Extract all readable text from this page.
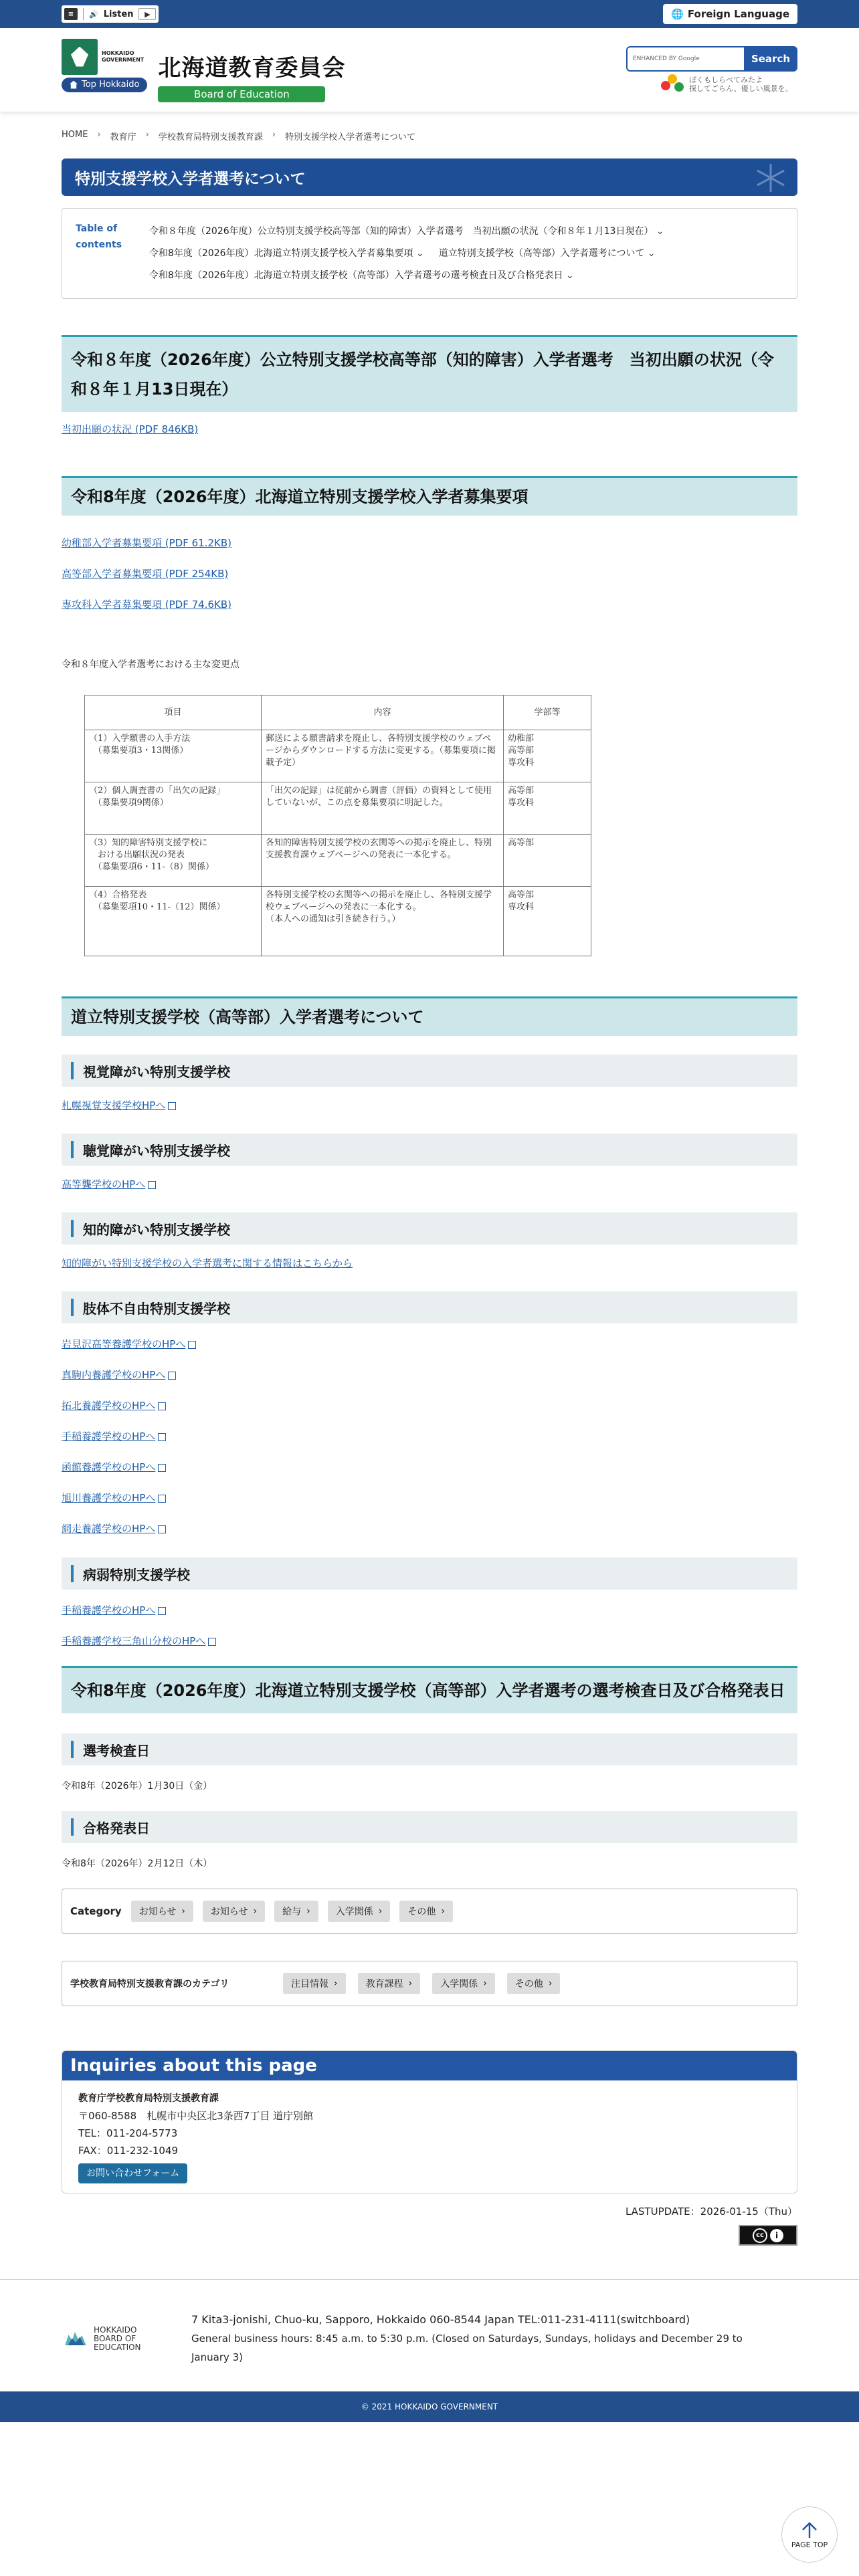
≡	🔊 Listen	▶	🌐 Foreign Language
HOKKAIDO GOVERNMENT
Top Hokkaido
北海道教育委員会
Board of Education
ENHANCED BY Google	Search
ぼくもしらべてみたよ
探してごらん、優しい風景を。
HOME › 教育庁 › 学校教育局特別支援教育課 › 特別支援学校入学者選考について
特別支援学校入学者選考について
Table of contents
令和８年度（2026年度）公立特別支援学校高等部（知的障害）入学者選考　当初出願の状況（令和８年１月13日現在） ⌄
令和8年度（2026年度）北海道立特別支援学校入学者募集要項 ⌄	道立特別支援学校（高等部）入学者選考について ⌄
令和8年度（2026年度）北海道立特別支援学校（高等部）入学者選考の選考検査日及び合格発表日 ⌄
令和８年度（2026年度）公立特別支援学校高等部（知的障害）入学者選考　当初出願の状況（令和８年１月13日現在）
当初出願の状況 (PDF 846KB)
令和8年度（2026年度）北海道立特別支援学校入学者募集要項
幼稚部入学者募集要項 (PDF 61.2KB)
高等部入学者募集要項 (PDF 254KB)
専攻科入学者募集要項 (PDF 74.6KB)
令和８年度入学者選考における主な変更点
項目	内容	学部等
（1）入学願書の入手方法
　（募集要項3・13関係）	郵送による願書請求を廃止し、各特別支援学校のウェブページからダウンロードする方法に変更する。（募集要項に掲載予定）	幼稚部
高等部
専攻科
（2）個人調査書の「出欠の記録」
　（募集要項9関係）	「出欠の記録」は従前から調書（評価）の資料として使用していないが、この点を募集要項に明記した。	高等部
専攻科
（3）知的障害特別支援学校に
　おける出願状況の発表
　（募集要項6・11-（8）関係）	各知的障害特別支援学校の玄関等への掲示を廃止し、特別支援教育課ウェブページへの発表に一本化する。	高等部
（4）合格発表
　（募集要項10・11-（12）関係）	各特別支援学校の玄関等への掲示を廃止し、各特別支援学校ウェブページへの発表に一本化する。
（本人への通知は引き続き行う。）	高等部
専攻科
道立特別支援学校（高等部）入学者選考について
視覚障がい特別支援学校
札幌視覚支援学校HPへ
聴覚障がい特別支援学校
高等聾学校のHPへ
知的障がい特別支援学校
知的障がい特別支援学校の入学者選考に関する情報はこちらから
肢体不自由特別支援学校
岩見沢高等養護学校のHPへ
真駒内養護学校のHPへ
拓北養護学校のHPへ
手稲養護学校のHPへ
函館養護学校のHPへ
旭川養護学校のHPへ
網走養護学校のHPへ
病弱特別支援学校
手稲養護学校のHPへ
手稲養護学校三角山分校のHPへ
令和8年度（2026年度）北海道立特別支援学校（高等部）入学者選考の選考検査日及び合格発表日
選考検査日
令和8年（2026年）1月30日（金）
合格発表日
令和8年（2026年）2月12日（木）
Category	お知らせ ›	お知らせ ›	給与 ›	入学関係 ›	その他 ›
学校教育局特別支援教育課のカテゴリ	注目情報 ›	教育課程 ›	入学関係 ›	その他 ›
Inquiries about this page
教育庁学校教育局特別支援教育課
〒060-8588　札幌市中央区北3条西7丁目 道庁別館
TEL：011-204-5773
FAX：011-232-1049
お問い合わせフォーム
LASTUPDATE：2026-01-15（Thu）
cc	i
HOKKAIDO BOARD OF EDUCATION
7 Kita3-jonishi, Chuo-ku, Sapporo, Hokkaido 060-8544 Japan TEL:011-231-4111(switchboard)
General business hours: 8:45 a.m. to 5:30 p.m. (Closed on Saturdays, Sundays, holidays and December 29 to January 3)
© 2021 HOKKAIDO GOVERNMENT
PAGE TOP
